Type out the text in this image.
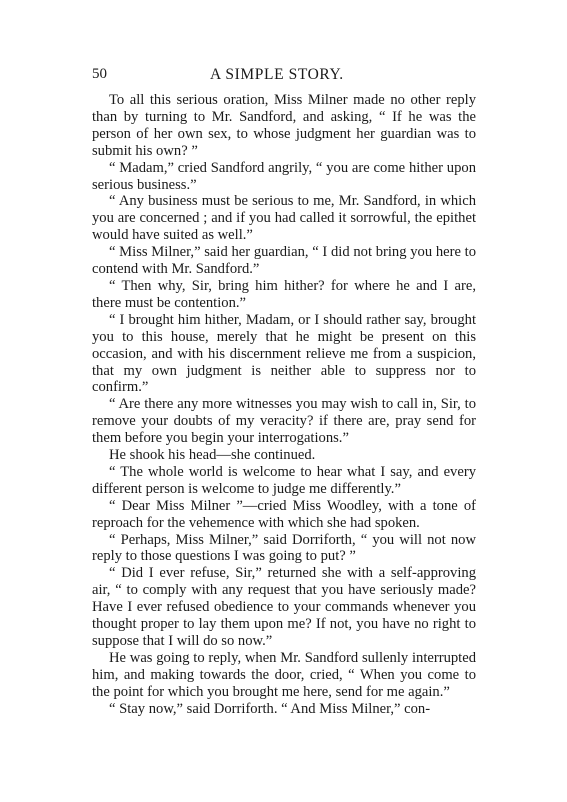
50	A SIMPLE STORY.

To all this serious oration, Miss Milner made no other reply than by turning to Mr. Sandford, and asking, “ If he was the person of her own sex, to whose judgment her guardian was to submit his own? ”

“ Madam,” cried Sandford angrily, “ you are come hither upon serious business.”

“ Any business must be serious to me, Mr. Sandford, in which you are concerned ; and if you had called it sorrowful, the epithet would have suited as well.”

“ Miss Milner,” said her guardian, “ I did not bring you here to contend with Mr. Sandford.”

“ Then why, Sir, bring him hither? for where he and I are, there must be contention.”

“ I brought him hither, Madam, or I should rather say, brought you to this house, merely that he might be present on this occasion, and with his discernment relieve me from a suspicion, that my own judgment is neither able to suppress nor to confirm.”

“ Are there any more witnesses you may wish to call in, Sir, to remove your doubts of my veracity? if there are, pray send for them before you begin your interrogations.”

He shook his head—she continued.

“ The whole world is welcome to hear what I say, and every different person is welcome to judge me differently.”

“ Dear Miss Milner ”—cried Miss Woodley, with a tone of reproach for the vehemence with which she had spoken.

“ Perhaps, Miss Milner,” said Dorriforth, “ you will not now reply to those questions I was going to put? ”

“ Did I ever refuse, Sir,” returned she with a self-approving air, “ to comply with any request that you have seriously made? Have I ever refused obedience to your commands whenever you thought proper to lay them upon me? If not, you have no right to suppose that I will do so now.”

He was going to reply, when Mr. Sandford sullenly interrupted him, and making towards the door, cried, “ When you come to the point for which you brought me here, send for me again.”

“ Stay now,” said Dorriforth. “ And Miss Milner,” con-
